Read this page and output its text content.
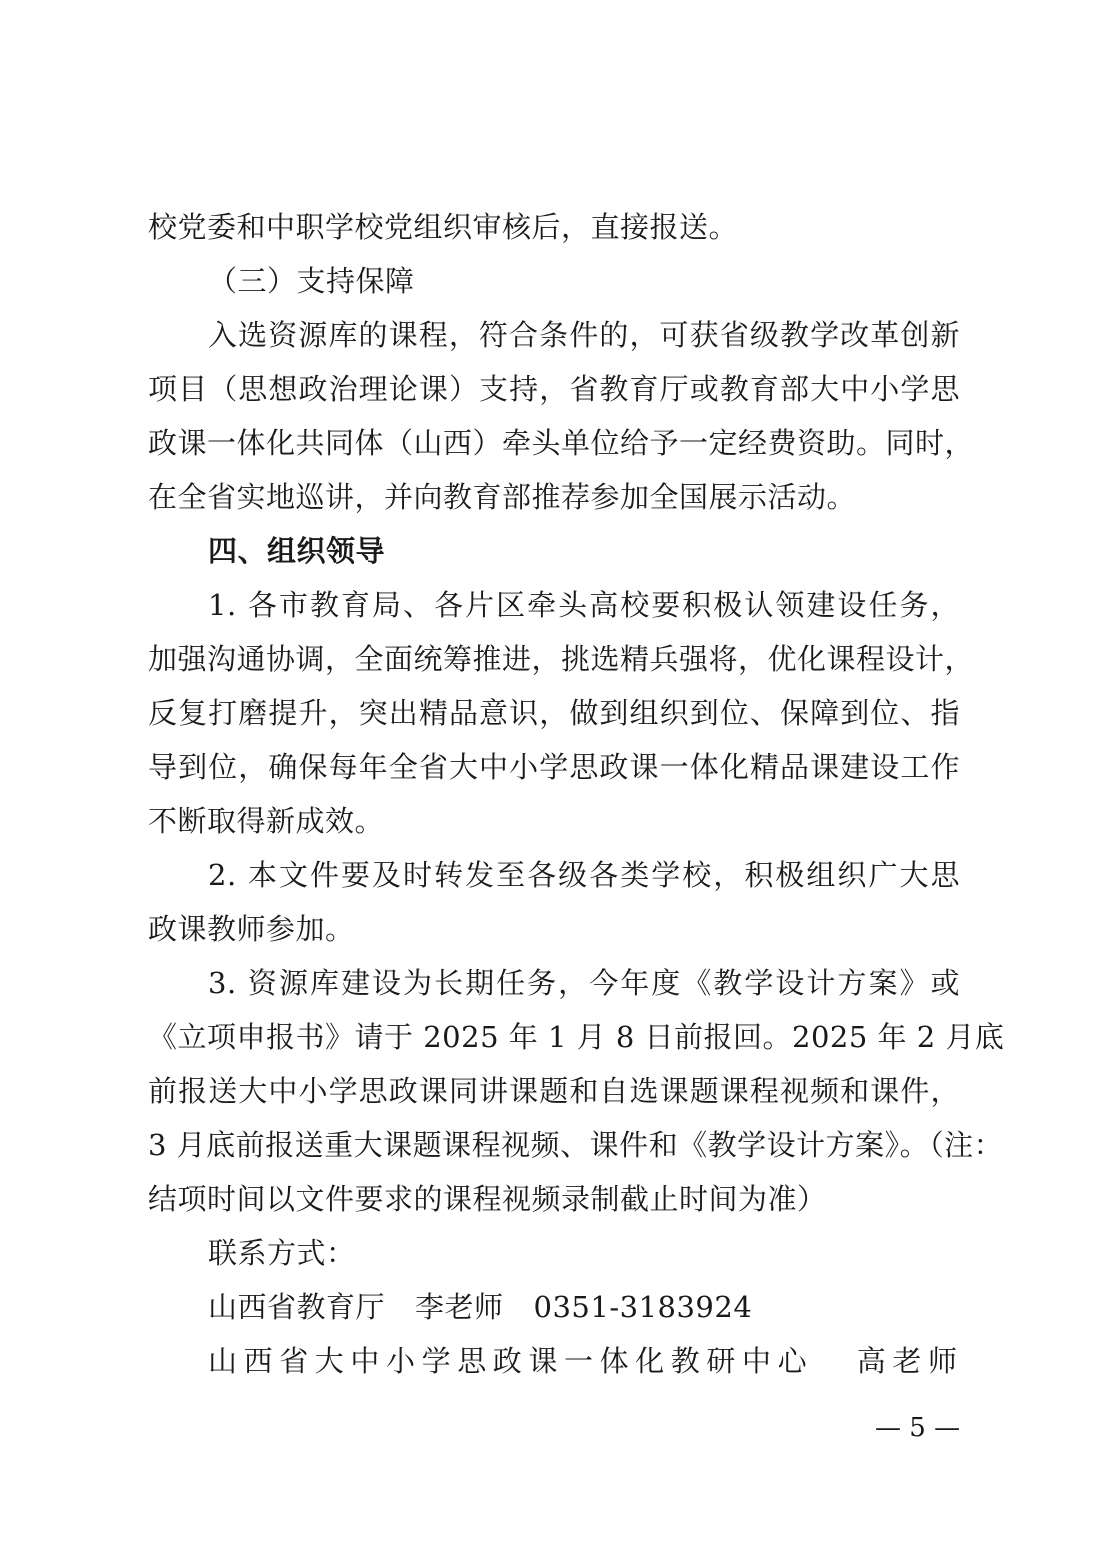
校党委和中职学校党组织审核后，直接报送。
（三）支持保障
入选资源库的课程，符合条件的，可获省级教学改革创新
项目（思想政治理论课）支持，省教育厅或教育部大中小学思
政课一体化共同体（山西）牵头单位给予一定经费资助。同时，
在全省实地巡讲，并向教育部推荐参加全国展示活动。
四、组织领导
1. 各市教育局、各片区牵头高校要积极认领建设任务，
加强沟通协调，全面统筹推进，挑选精兵强将，优化课程设计，
反复打磨提升，突出精品意识，做到组织到位、保障到位、指
导到位，确保每年全省大中小学思政课一体化精品课建设工作
不断取得新成效。
2. 本文件要及时转发至各级各类学校，积极组织广大思
政课教师参加。
3. 资源库建设为长期任务，今年度《教学设计方案》或
《立项申报书》请于 2025 年 1 月 8 日前报回。2025 年 2 月底
前报送大中小学思政课同讲课题和自选课题课程视频和课件，
3 月底前报送重大课题课程视频、课件和《教学设计方案》。（注：
结项时间以文件要求的课程视频录制截止时间为准）
联系方式：
山西省教育厅 李老师 0351-3183924
山西省大中小学思政课一体化教研中心 高老师
— 5 —
